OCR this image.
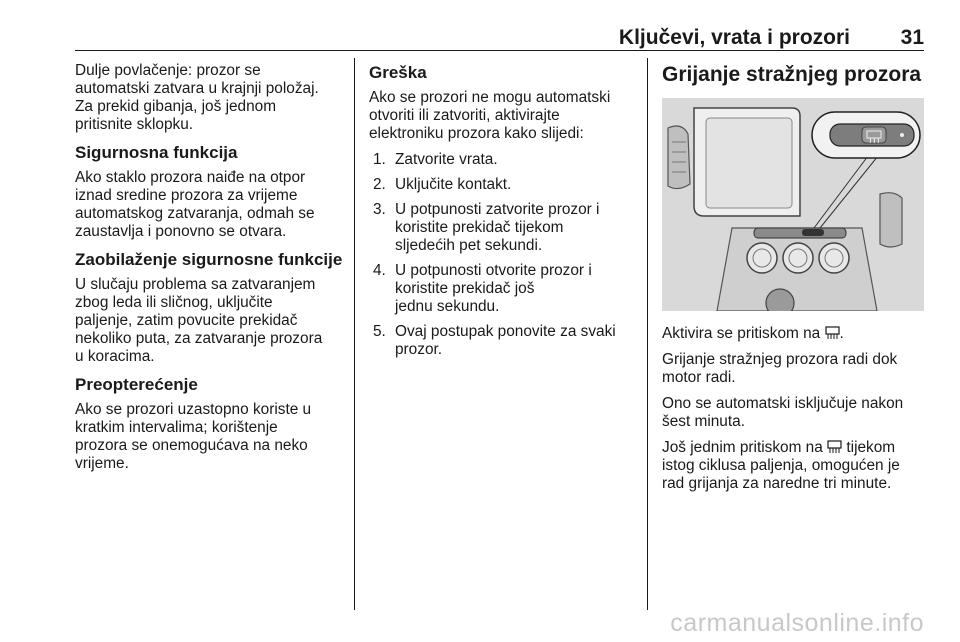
Ključevi, vrata i prozori 31

Dulje povlačenje: prozor se
automatski zatvara u krajnji položaj.
Za prekid gibanja, još jednom
pritisnite sklopku.

Sigurnosna funkcija

Ako staklo prozora naiđe na otpor
iznad sredine prozora za vrijeme
automatskog zatvaranja, odmah se
zaustavlja i ponovno se otvara.

Zaobilaženje sigurnosne funkcije

U slučaju problema sa zatvaranjem
zbog leda ili sličnog, uključite
paljenje, zatim povucite prekidač
nekoliko puta, za zatvaranje prozora
u koracima.

Preopterećenje

Ako se prozori uzastopno koriste u
kratkim intervalima; korištenje
prozora se onemogućava na neko
vrijeme.

Greška

Ako se prozori ne mogu automatski
otvoriti ili zatvoriti, aktivirajte
elektroniku prozora kako slijedi:

1. Zatvorite vrata.
2. Uključite kontakt.
3. U potpunosti zatvorite prozor i
koristite prekidač tijekom
sljedećih pet sekundi.
4. U potpunosti otvorite prozor i
koristite prekidač još
jednu sekundu.
5. Ovaj postupak ponovite za svaki
prozor.
Grijanje stražnjeg prozora

Aktivira se pritiskom na .

Grijanje stražnjeg prozora radi dok
motor radi.

Ono se automatski isključuje nakon
šest minuta.

Još jednim pritiskom na tijekom
istog ciklusa paljenja, omogućen je
rad grijanja za naredne tri minute.

carmanualsonline.info
